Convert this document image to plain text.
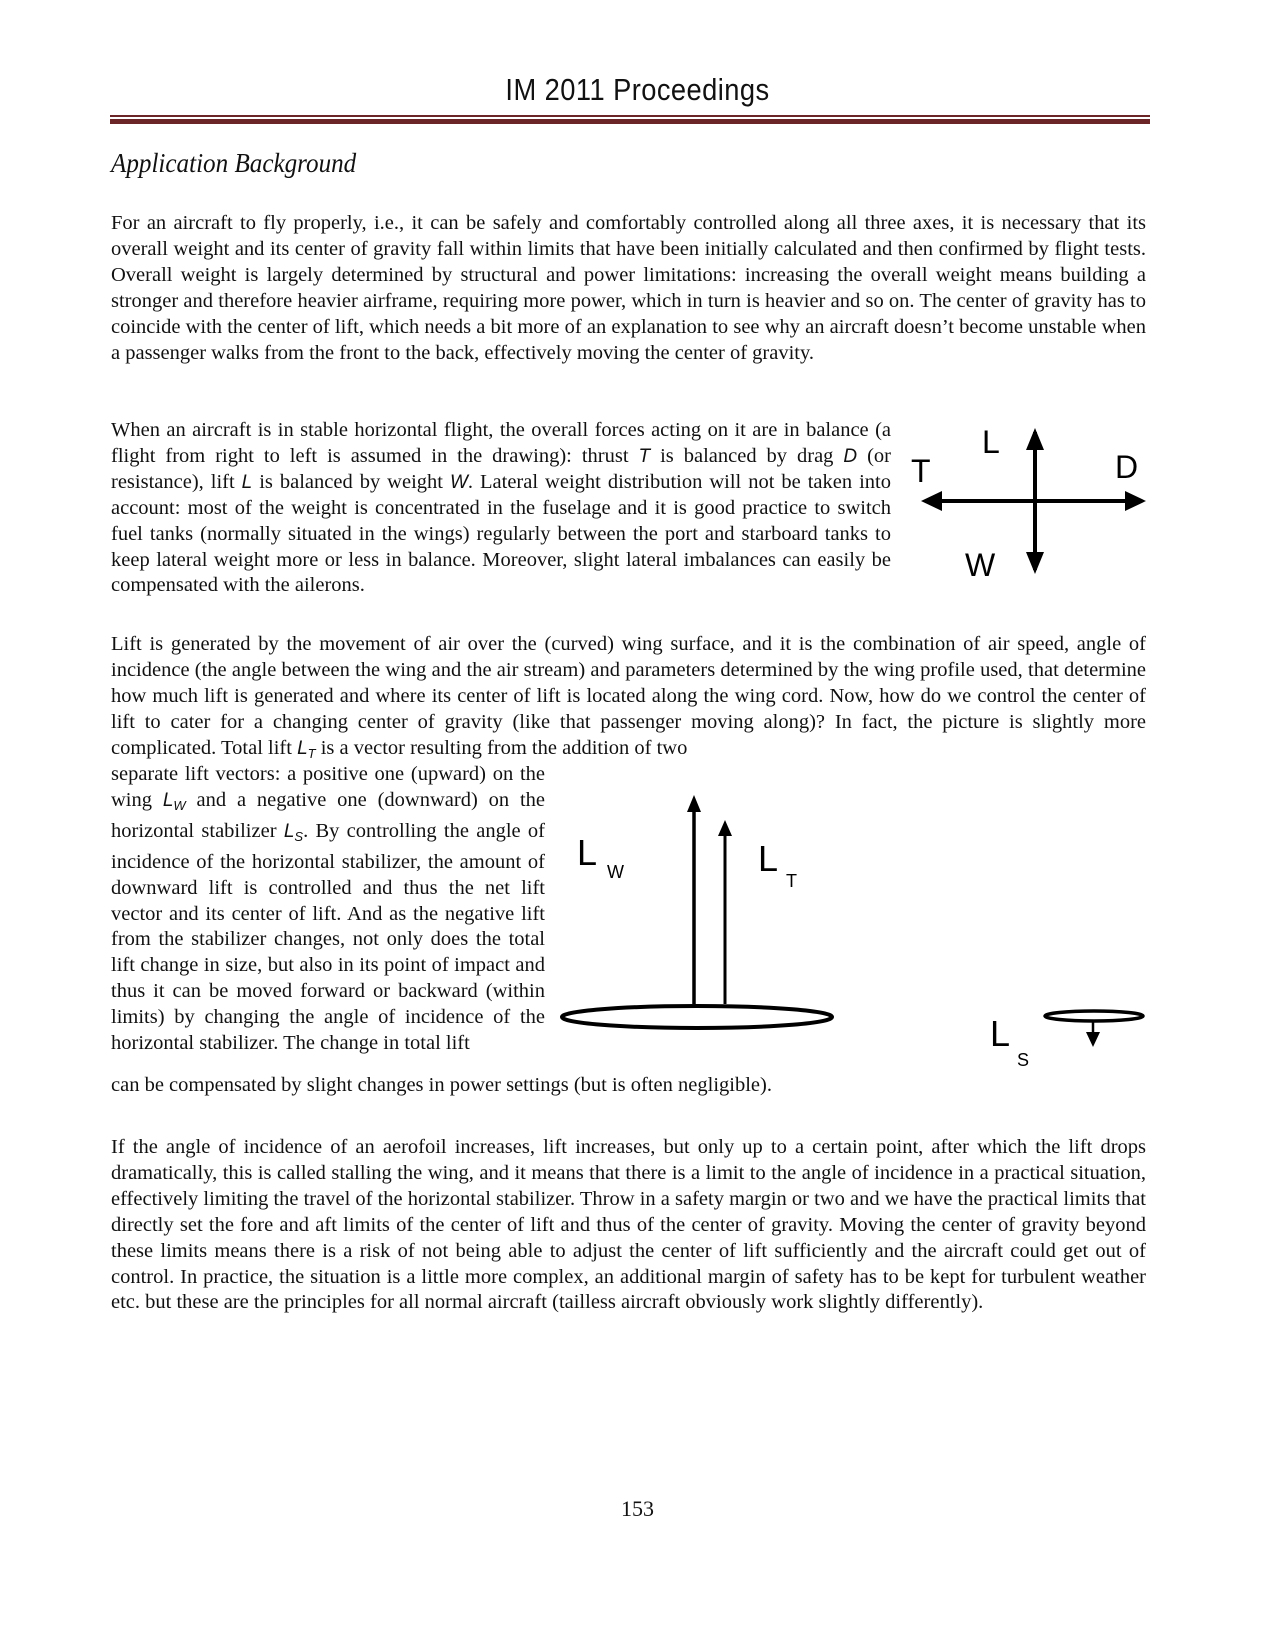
IM 2011 Proceedings
Application Background

For an aircraft to fly properly, i.e., it can be safely and comfortably controlled along all three axes, it is necessary that its overall weight and its center of gravity fall within limits that have been initially calculated and then confirmed by flight tests. Overall weight is largely determined by structural and power limitations: increasing the overall weight means building a stronger and therefore heavier airframe, requiring more power, which in turn is heavier and so on. The center of gravity has to coincide with the center of lift, which needs a bit more of an explanation to see why an aircraft doesn’t become unstable when a passenger walks from the front to the back, effectively moving the center of gravity.

When an aircraft is in stable horizontal flight, the overall forces acting on it are in balance (a flight from right to left is assumed in the drawing): thrust T is balanced by drag D (or resistance), lift L is balanced by weight W. Lateral weight distribution will not be taken into account: most of the weight is concentrated in the fuselage and it is good practice to switch fuel tanks (normally situated in the wings) regularly between the port and starboard tanks to keep lateral weight more or less in balance. Moreover, slight lateral imbalances can easily be compensated with the ailerons.

Lift is generated by the movement of air over the (curved) wing surface, and it is the combination of air speed, angle of incidence (the angle between the wing and the air stream) and parameters determined by the wing profile used, that determine how much lift is generated and where its center of lift is located along the wing cord. Now, how do we control the center of lift to cater for a changing center of gravity (like that passenger moving along)? In fact, the picture is slightly more complicated. Total lift $L_T$ is a vector resulting from the addition of two

separate lift vectors: a positive one (upward) on the wing $L_W$ and a negative one (downward) on the horizontal stabilizer $L_S$. By controlling the angle of incidence of the horizontal stabilizer, the amount of downward lift is controlled and thus the net lift vector and its center of lift. And as the negative lift from the stabilizer changes, not only does the total lift change in size, but also in its point of impact and thus it can be moved forward or backward (within limits) by changing the angle of incidence of the horizontal stabilizer. The change in total lift

can be compensated by slight changes in power settings (but is often negligible).

If the angle of incidence of an aerofoil increases, lift increases, but only up to a certain point, after which the lift drops dramatically, this is called stalling the wing, and it means that there is a limit to the angle of incidence in a practical situation, effectively limiting the travel of the horizontal stabilizer. Throw in a safety margin or two and we have the practical limits that directly set the fore and aft limits of the center of lift and thus of the center of gravity. Moving the center of gravity beyond these limits means there is a risk of not being able to adjust the center of lift sufficiently and the aircraft could get out of control. In practice, the situation is a little more complex, an additional margin of safety has to be kept for turbulent weather etc. but these are the principles for all normal aircraft (tailless aircraft obviously work slightly differently).

L
T	D
W
L W	L
T
L
S
153
